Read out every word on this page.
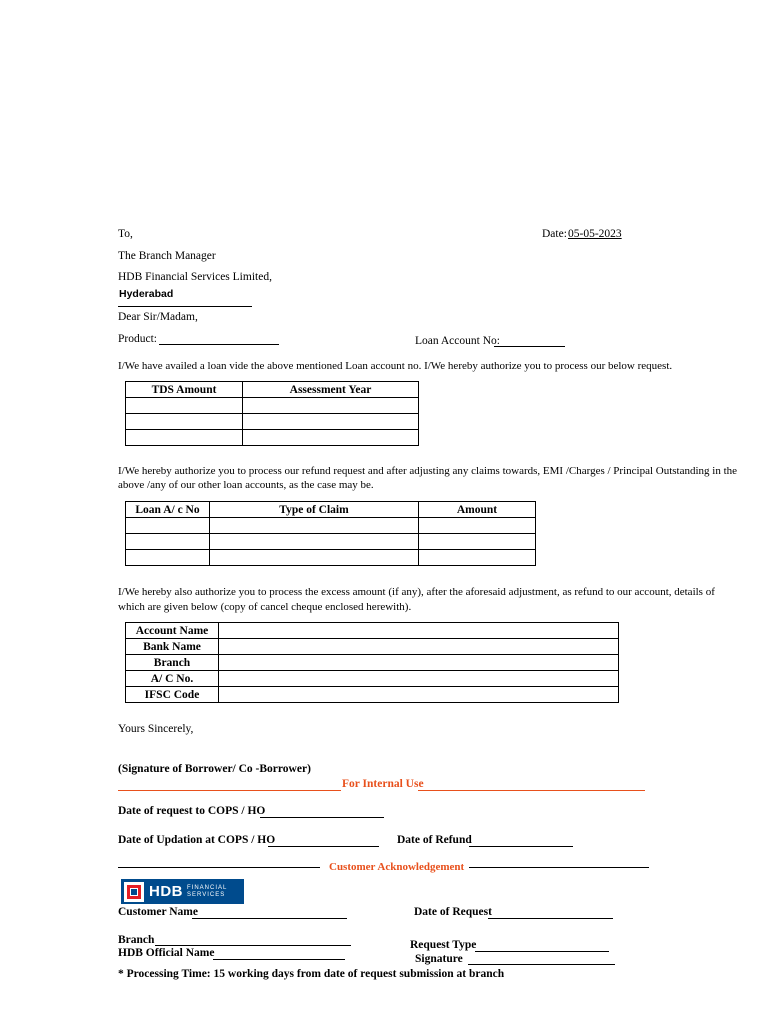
To,	Date: 05-05-2023
The Branch Manager
HDB Financial Services Limited,
Hyderabad
Dear Sir/Madam,
Product:	Loan Account No:
I/We have availed a loan vide the above mentioned Loan account no. I/We hereby authorize you to process our below request.
TDS Amount	Assessment Year

I/We hereby authorize you to process our refund request and after adjusting any claims towards, EMI /Charges / Principal Outstanding in the
above /any of our other loan accounts, as the case may be.
Loan A/ c No	Type of Claim	Amount

I/We hereby also authorize you to process the excess amount (if any), after the aforesaid adjustment, as refund to our account, details of
which are given below (copy of cancel cheque enclosed herewith).
Account Name	
Bank Name	
Branch	
A/ C No.	
IFSC Code	
Yours Sincerely,
(Signature of Borrower/ Co -Borrower)
For Internal Use
Date of request to COPS / HO
Date of Updation at COPS / HO	Date of Refund
Customer Acknowledgement
HDB FINANCIAL
SERVICES
Customer Name	Date of Request
Branch
HDB Official Name
Request Type
Signature
* Processing Time: 15 working days from date of request submission at branch
